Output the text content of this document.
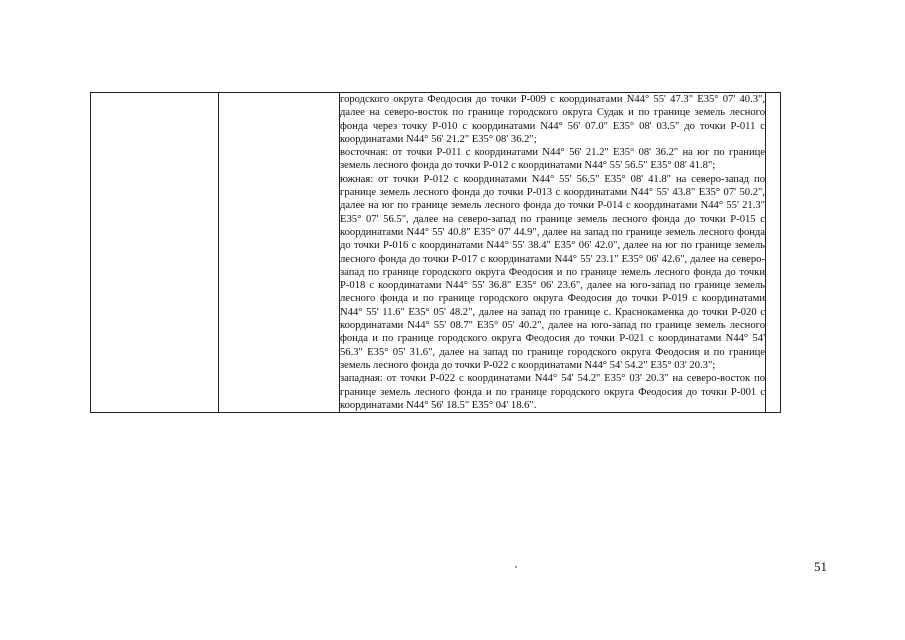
городского округа Феодосия до точки Р-009 с координатами N44° 55' 47.3" E35° 07' 40.3", далее на северо-восток по границе городского округа Судак и по границе земель лесного фонда через точку Р-010 с координатами N44° 56' 07.0" E35° 08' 03.5" до точки Р-011 с координатами N44° 56' 21.2" E35° 08' 36.2";

восточная: от точки Р-011 с координатами N44° 56' 21.2" E35° 08' 36.2" на юг по границе земель лесного фонда до точки Р-012 с координатами N44° 55' 56.5" E35° 08' 41.8";

южная: от точки Р-012 с координатами N44° 55' 56.5" E35° 08' 41.8" на северо-запад по границе земель лесного фонда до точки Р-013 с координатами N44° 55' 43.8" E35° 07' 50.2", далее на юг по границе земель лесного фонда до точки Р-014 с координатами N44° 55' 21.3" E35° 07' 56.5", далее на северо-запад по границе земель лесного фонда до точки Р-015 с координатами N44° 55' 40.8" E35° 07' 44.9", далее на запад по границе земель лесного фонда до точки Р-016 с координатами N44° 55' 38.4" E35° 06' 42.0", далее на юг по границе земель лесного фонда до точки Р-017 с координатами N44° 55' 23.1" E35° 06' 42.6", далее на северо-запад по границе городского округа Феодосия и по границе земель лесного фонда до точки Р-018 с координатами N44° 55' 36.8" E35° 06' 23.6", далее на юго-запад по границе земель лесного фонда и по границе городского округа Феодосия до точки Р-019 с координатами N44° 55' 11.6" E35° 05' 48.2", далее на запад по границе с. Краснокаменка до точки Р-020 с координатами N44° 55' 08.7" E35° 05' 40.2", далее на юго-запад по границе земель лесного фонда и по границе городского округа Феодосия до точки Р-021 с координатами N44° 54' 56.3" E35° 05' 31.6", далее на запад по границе городского округа Феодосия и по границе земель лесного фонда до точки Р-022 с координатами N44° 54' 54.2" E35° 03' 20.3";

западная: от точки Р-022 с координатами N44° 54' 54.2" E35° 03' 20.3" на северо-восток по границе земель лесного фонда и по границе городского округа Феодосия до точки Р-001 с координатами N44° 56' 18.5" E35° 04' 18.6".

51
